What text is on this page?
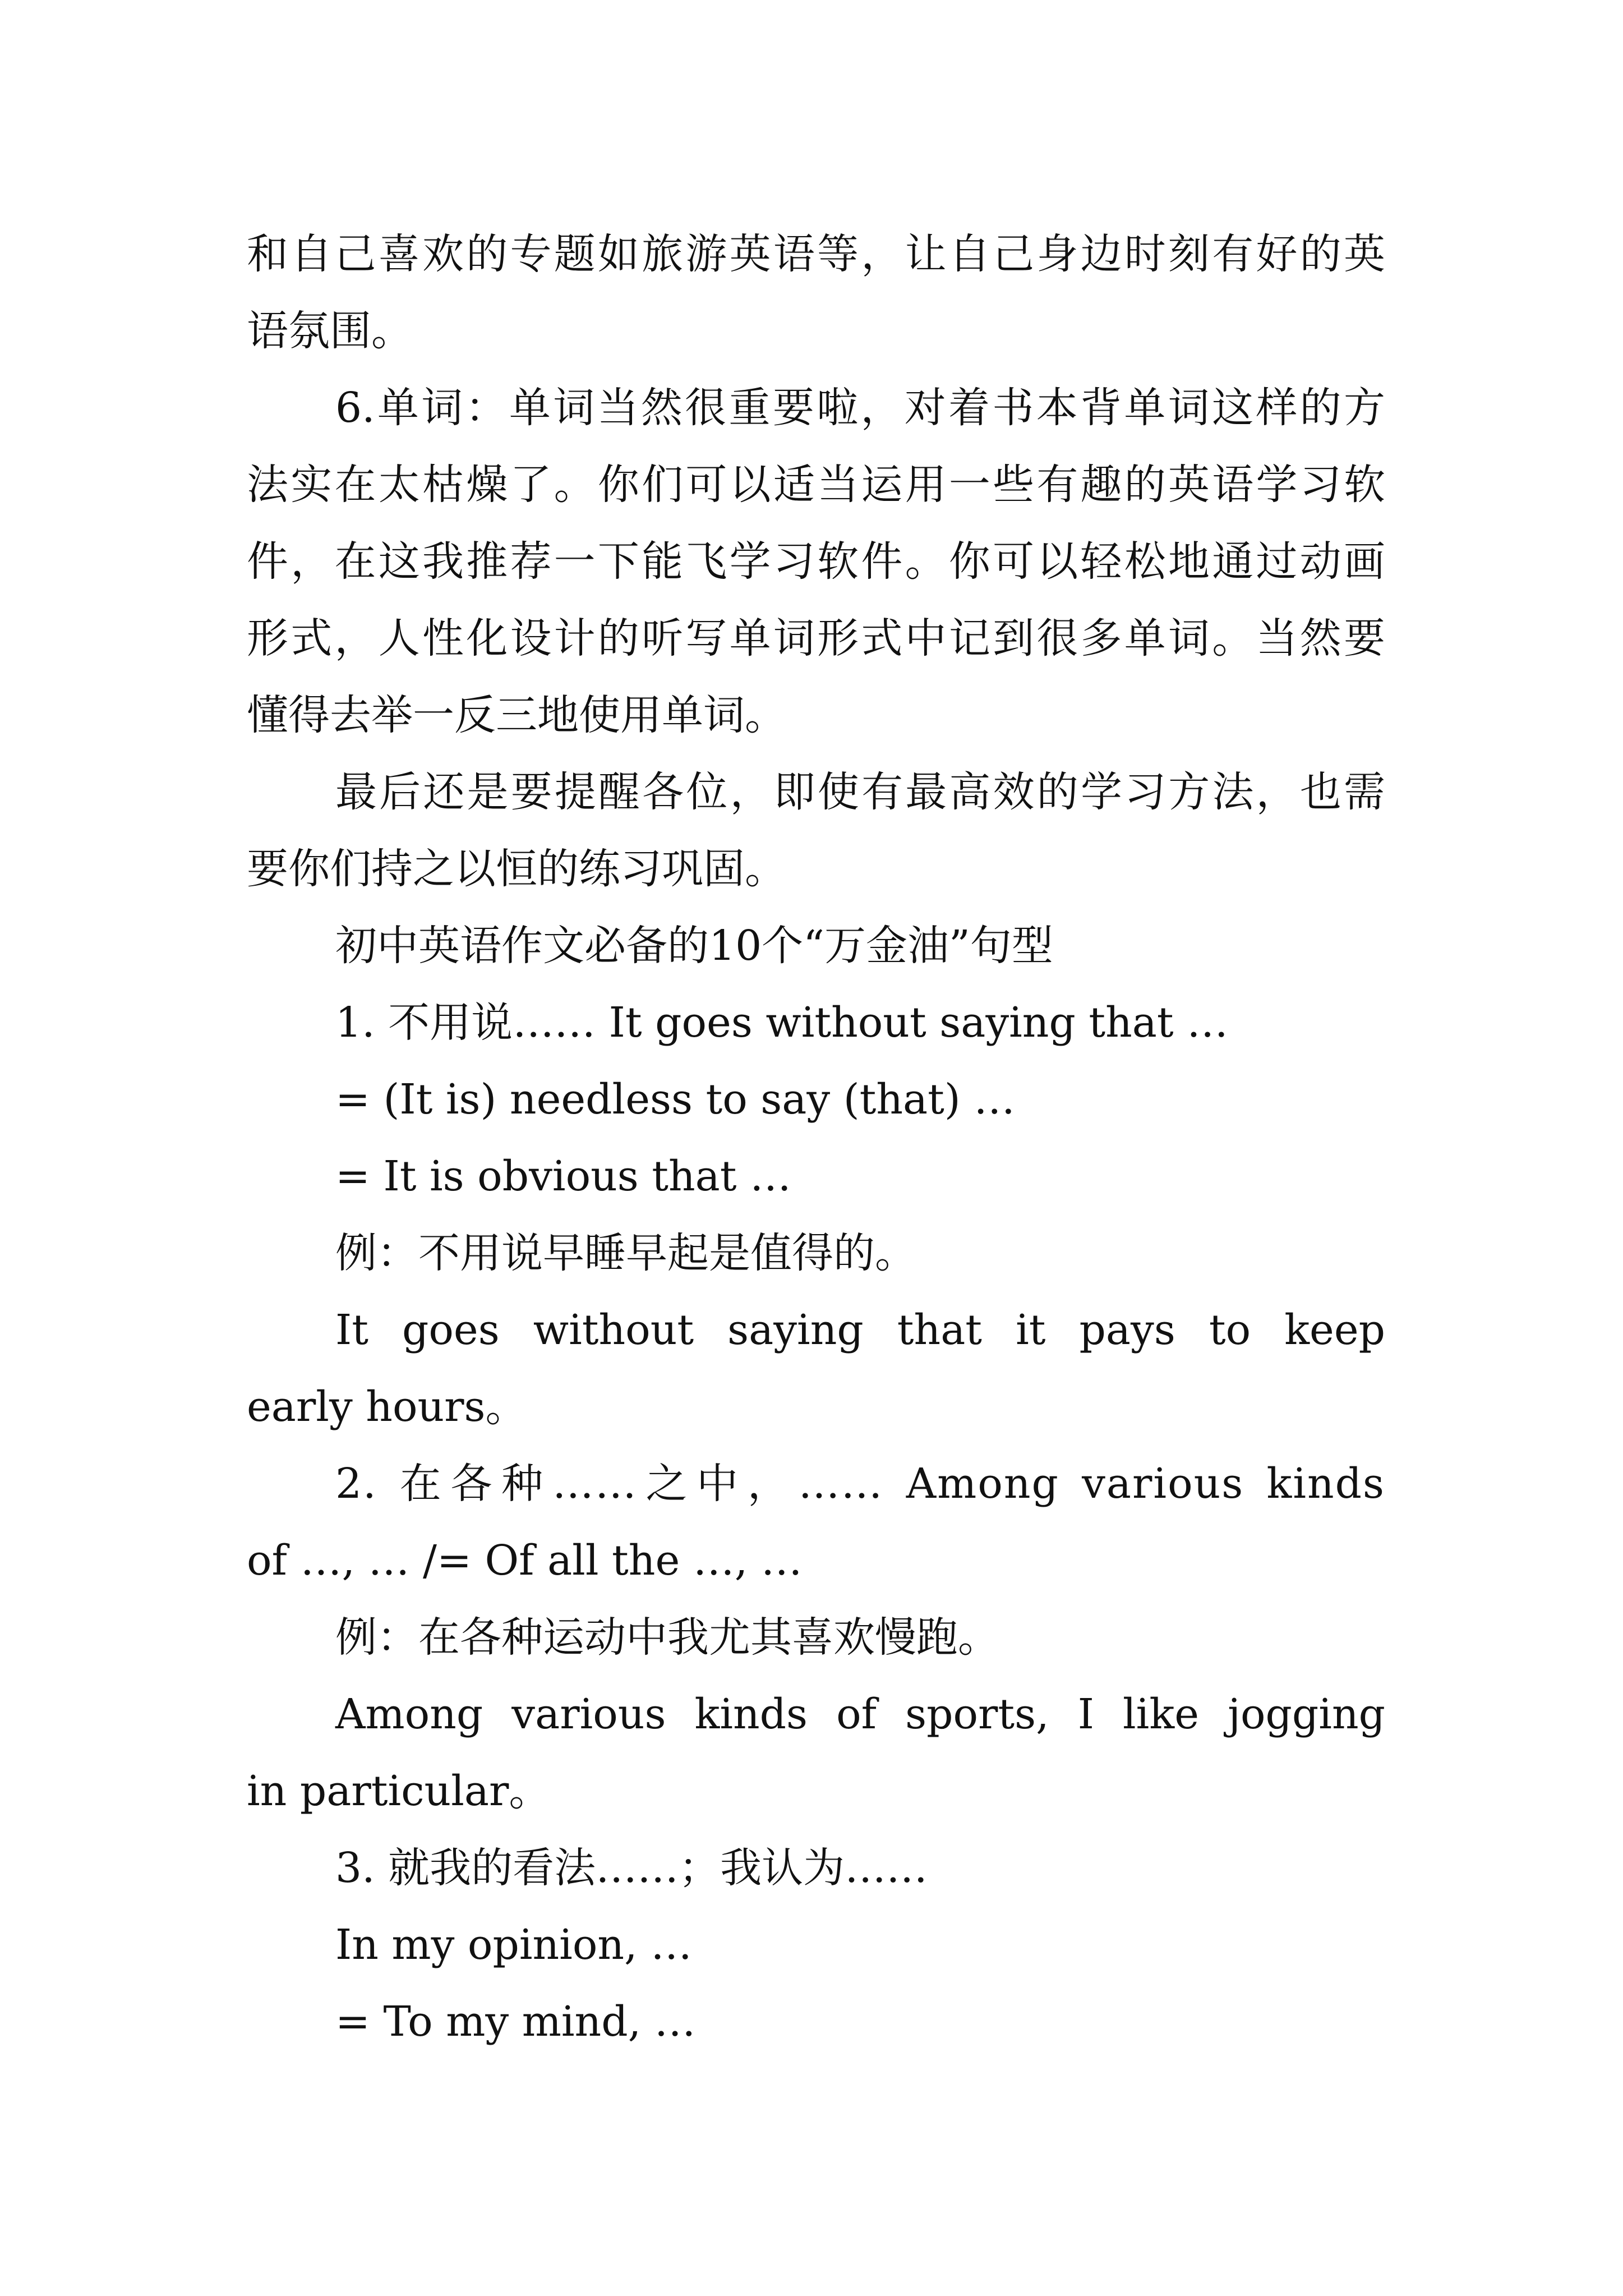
和自己喜欢的专题如旅游英语等，让自己身边时刻有好的英
语氛围。
6.单词：单词当然很重要啦，对着书本背单词这样的方
法实在太枯燥了。你们可以适当运用一些有趣的英语学习软
件，在这我推荐一下能飞学习软件。你可以轻松地通过动画
形式，人性化设计的听写单词形式中记到很多单词。当然要
懂得去举一反三地使用单词。
最后还是要提醒各位，即使有最高效的学习方法，也需
要你们持之以恒的练习巩固。
初中英语作文必备的10个“万金油”句型
1. 不用说…… It goes without saying that …
= (It is) needless to say (that) …
= It is obvious that …
例：不用说早睡早起是值得的。
It goes without saying that it pays to keep
early hours。
2. 在各种……之中，…… Among various kinds
of …, … /= Of all the …, …
例：在各种运动中我尤其喜欢慢跑。
Among various kinds of sports, I like jogging
in particular。
3. 就我的看法……；我认为……
In my opinion, …
= To my mind, …
